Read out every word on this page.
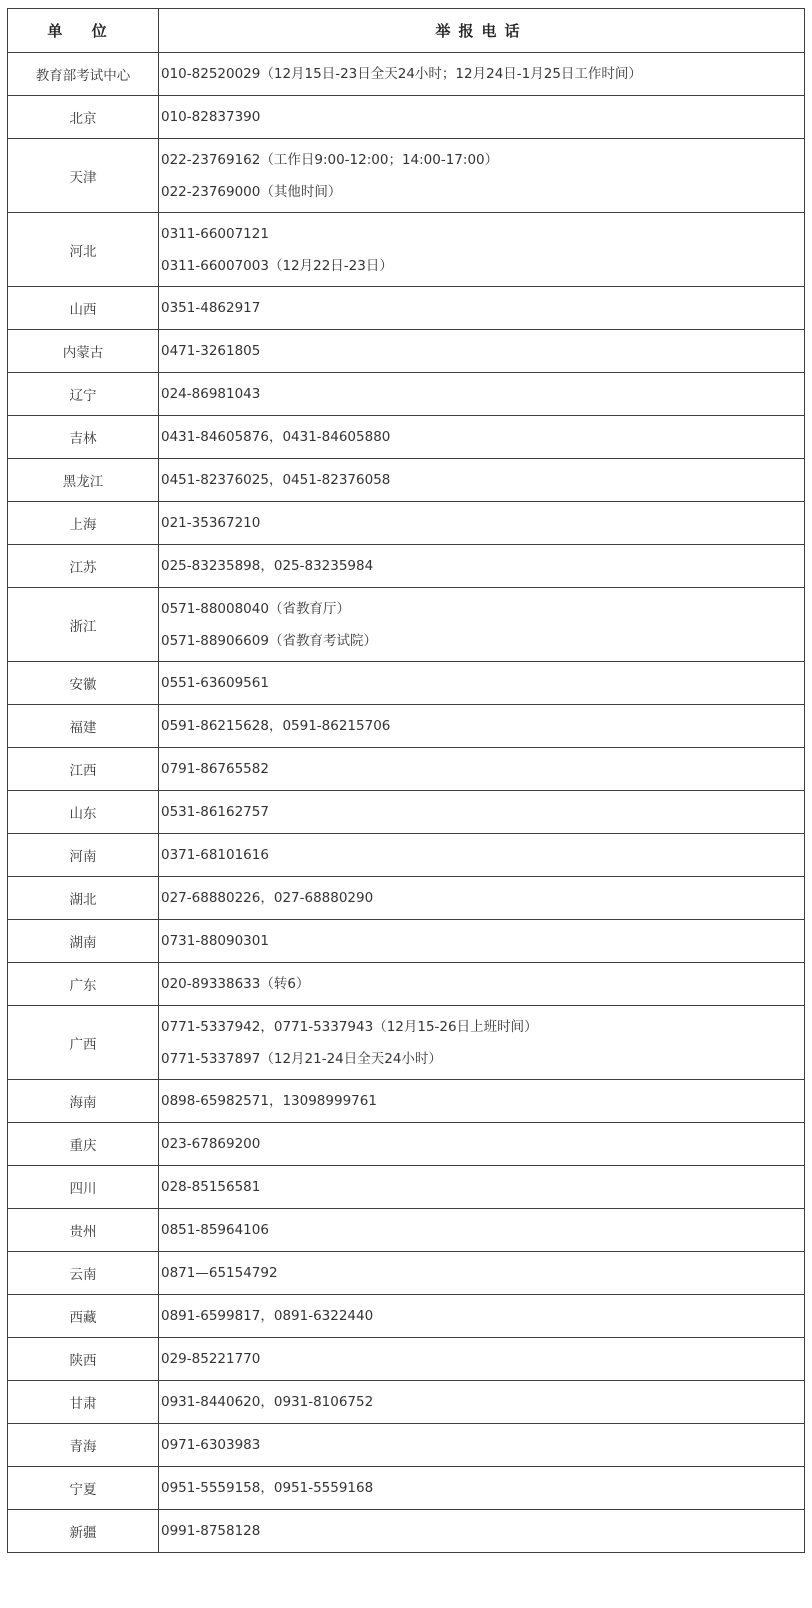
单 位	举报电话
教育部考试中心	010-82520029（12月15日-23日全天24小时；12月24日-1月25日工作时间）

北京	010-82837390

天津	022-23769162（工作日9:00-12:00；14:00-17:00）
022-23769000（其他时间）

河北	0311-66007121
0311-66007003（12月22日-23日）

山西	0351-4862917

内蒙古	0471-3261805

辽宁	024-86981043

吉林	0431-84605876，0431-84605880

黑龙江	0451-82376025，0451-82376058

上海	021-35367210

江苏	025-83235898，025-83235984

浙江	0571-88008040（省教育厅）
0571-88906609（省教育考试院）

安徽	0551-63609561

福建	0591-86215628，0591-86215706

江西	0791-86765582

山东	0531-86162757

河南	0371-68101616

湖北	027-68880226，027-68880290

湖南	0731-88090301

广东	020-89338633（转6）

广西	0771-5337942，0771-5337943（12月15-26日上班时间）
0771-5337897（12月21-24日全天24小时）

海南	0898-65982571，13098999761

重庆	023-67869200

四川	028-85156581

贵州	0851-85964106

云南	0871—65154792

西藏	0891-6599817，0891-6322440

陕西	029-85221770

甘肃	0931-8440620，0931-8106752

青海	0971-6303983

宁夏	0951-5559158，0951-5559168

新疆	0991-8758128
